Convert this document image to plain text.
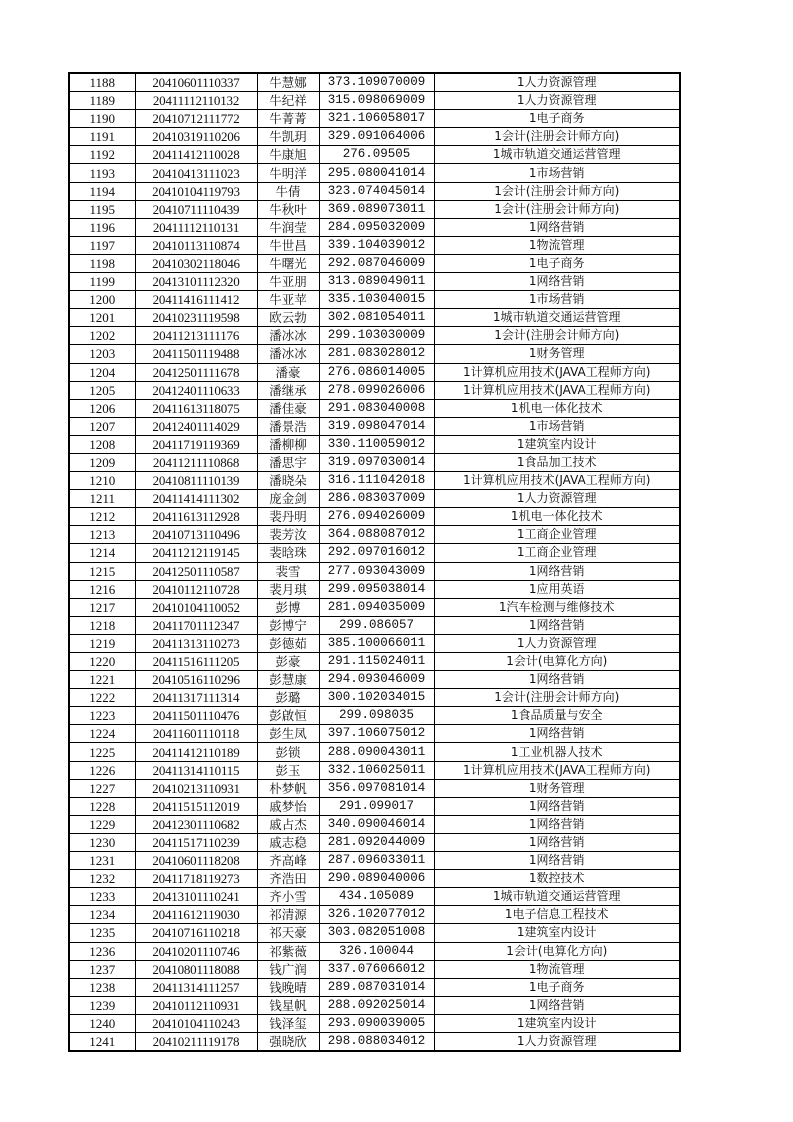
1188	20410601110337	牛慧娜	373.109070009	1人力资源管理
1189	20411112110132	牛纪祥	315.098069009	1人力资源管理
1190	20410712111772	牛菁菁	321.106058017	1电子商务
1191	20410319110206	牛凯玥	329.091064006	1会计(注册会计师方向)
1192	20411412110028	牛康旭	276.09505	1城市轨道交通运营管理
1193	20410413111023	牛明洋	295.080041014	1市场营销
1194	20410104119793	牛倩	323.074045014	1会计(注册会计师方向)
1195	20410711110439	牛秋叶	369.089073011	1会计(注册会计师方向)
1196	20411112110131	牛润莹	284.095032009	1网络营销
1197	20410113110874	牛世昌	339.104039012	1物流管理
1198	20410302118046	牛曙光	292.087046009	1电子商务
1199	20413101112320	牛亚朋	313.089049011	1网络营销
1200	20411416111412	牛亚苹	335.103040015	1市场营销
1201	20410231119598	欧云勃	302.081054011	1城市轨道交通运营管理
1202	20411213111176	潘冰冰	299.103030009	1会计(注册会计师方向)
1203	20411501119488	潘冰冰	281.083028012	1财务管理
1204	20412501111678	潘豪	276.086014005	1计算机应用技术(JAVA工程师方向)
1205	20412401110633	潘继承	278.099026006	1计算机应用技术(JAVA工程师方向)
1206	20411613118075	潘佳豪	291.083040008	1机电一体化技术
1207	20412401114029	潘景浩	319.098047014	1市场营销
1208	20411719119369	潘柳柳	330.110059012	1建筑室内设计
1209	20411211110868	潘思宇	319.097030014	1食品加工技术
1210	20410811110139	潘晓朵	316.111042018	1计算机应用技术(JAVA工程师方向)
1211	20411414111302	庞金剑	286.083037009	1人力资源管理
1212	20411613112928	裴丹明	276.094026009	1机电一体化技术
1213	20410713110496	裴芳汝	364.088087012	1工商企业管理
1214	20411212119145	裴晗珠	292.097016012	1工商企业管理
1215	20412501110587	裴雪	277.093043009	1网络营销
1216	20410112110728	裴月琪	299.095038014	1应用英语
1217	20410104110052	彭博	281.094035009	1汽车检测与维修技术
1218	20411701112347	彭博宁	299.086057	1网络营销
1219	20411313110273	彭德茹	385.100066011	1人力资源管理
1220	20411516111205	彭豪	291.115024011	1会计(电算化方向)
1221	20410516110296	彭慧康	294.093046009	1网络营销
1222	20411317111314	彭璐	300.102034015	1会计(注册会计师方向)
1223	20411501110476	彭啟恒	299.098035	1食品质量与安全
1224	20411601110118	彭生凤	397.106075012	1网络营销
1225	20411412110189	彭锁	288.090043011	1工业机器人技术
1226	20411314110115	彭玉	332.106025011	1计算机应用技术(JAVA工程师方向)
1227	20410213110931	朴梦帆	356.097081014	1财务管理
1228	20411515112019	戚梦怡	291.099017	1网络营销
1229	20412301110682	戚占杰	340.090046014	1网络营销
1230	20411517110239	戚志稳	281.092044009	1网络营销
1231	20410601118208	齐高峰	287.096033011	1网络营销
1232	20411718119273	齐浩田	290.089040006	1数控技术
1233	20413101110241	齐小雪	434.105089	1城市轨道交通运营管理
1234	20411612119030	祁清源	326.102077012	1电子信息工程技术
1235	20410716110218	祁天豪	303.082051008	1建筑室内设计
1236	20410201110746	祁紫薇	326.100044	1会计(电算化方向)
1237	20410801118088	钱广润	337.076066012	1物流管理
1238	20411314111257	钱晚晴	289.087031014	1电子商务
1239	20410112110931	钱星帆	288.092025014	1网络营销
1240	20410104110243	钱泽玺	293.090039005	1建筑室内设计
1241	20410211119178	强晓欣	298.088034012	1人力资源管理
